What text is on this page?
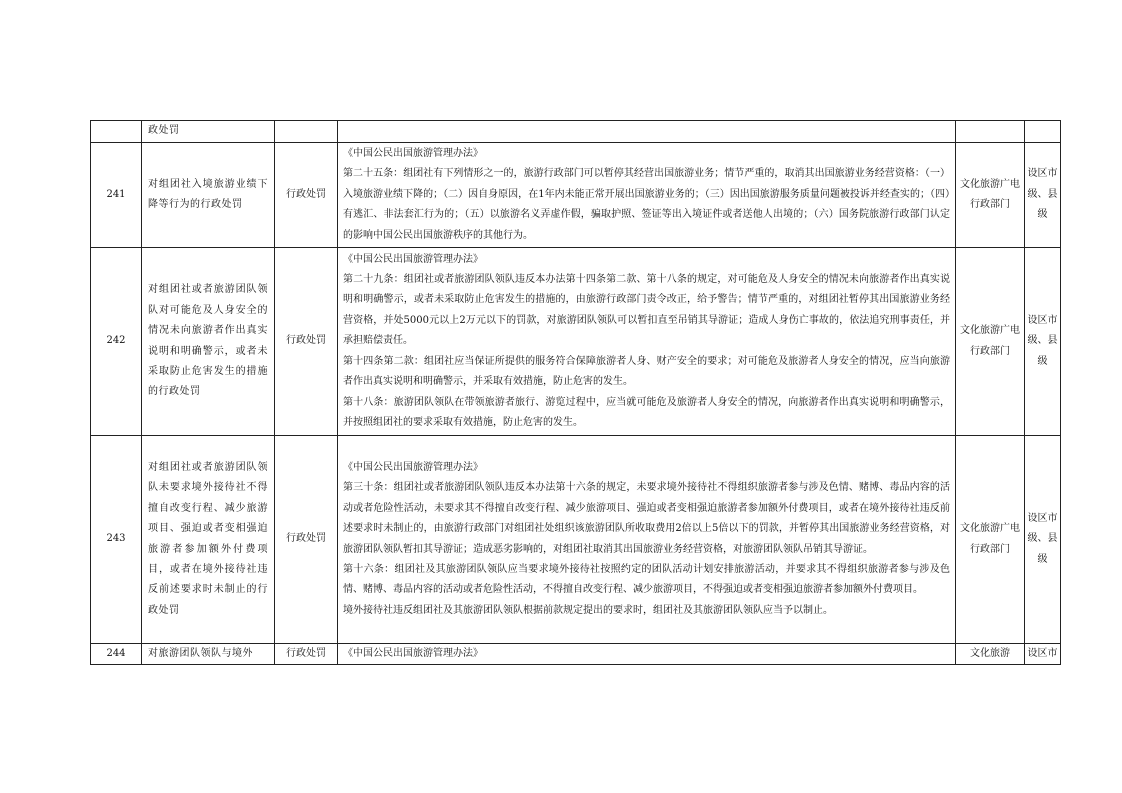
	政处罚				

241	对组团社入境旅游业绩下降等行为的行政处罚	行政处罚	《中国公民出国旅游管理办法》
第二十五条：组团社有下列情形之一的，旅游行政部门可以暂停其经营出国旅游业务；情节严重的，取消其出国旅游业务经营资格：（一）入境旅游业绩下降的；（二）因自身原因，在1年内未能正常开展出国旅游业务的；（三）因出国旅游服务质量问题被投诉并经查实的；（四）有逃汇、非法套汇行为的；（五）以旅游名义弄虚作假，骗取护照、签证等出入境证件或者送他人出境的；（六）国务院旅游行政部门认定的影响中国公民出国旅游秩序的其他行为。	文化旅游广电行政部门	设区市级、县级
242	对组团社或者旅游团队领队对可能危及人身安全的情况未向旅游者作出真实说明和明确警示，或者未采取防止危害发生的措施的行政处罚	行政处罚	《中国公民出国旅游管理办法》
第二十九条：组团社或者旅游团队领队违反本办法第十四条第二款、第十八条的规定，对可能危及人身安全的情况未向旅游者作出真实说明和明确警示，或者未采取防止危害发生的措施的，由旅游行政部门责令改正，给予警告；情节严重的，对组团社暂停其出国旅游业务经营资格，并处5000元以上2万元以下的罚款，对旅游团队领队可以暂扣直至吊销其导游证；造成人身伤亡事故的，依法追究刑事责任，并承担赔偿责任。
第十四条第二款：组团社应当保证所提供的服务符合保障旅游者人身、财产安全的要求；对可能危及旅游者人身安全的情况，应当向旅游者作出真实说明和明确警示，并采取有效措施，防止危害的发生。
第十八条：旅游团队领队在带领旅游者旅行、游览过程中，应当就可能危及旅游者人身安全的情况，向旅游者作出真实说明和明确警示，并按照组团社的要求采取有效措施，防止危害的发生。	文化旅游广电行政部门	设区市级、县级
243	对组团社或者旅游团队领队未要求境外接待社不得擅自改变行程、减少旅游项目、强迫或者变相强迫旅游者参加额外付费项目，或者在境外接待社违反前述要求时未制止的行政处罚	行政处罚	《中国公民出国旅游管理办法》
第三十条：组团社或者旅游团队领队违反本办法第十六条的规定，未要求境外接待社不得组织旅游者参与涉及色情、赌博、毒品内容的活动或者危险性活动，未要求其不得擅自改变行程、减少旅游项目、强迫或者变相强迫旅游者参加额外付费项目，或者在境外接待社违反前述要求时未制止的，由旅游行政部门对组团社处组织该旅游团队所收取费用2倍以上5倍以下的罚款，并暂停其出国旅游业务经营资格，对旅游团队领队暂扣其导游证；造成恶劣影响的，对组团社取消其出国旅游业务经营资格，对旅游团队领队吊销其导游证。
第十六条：组团社及其旅游团队领队应当要求境外接待社按照约定的团队活动计划安排旅游活动，并要求其不得组织旅游者参与涉及色情、赌博、毒品内容的活动或者危险性活动，不得擅自改变行程、减少旅游项目，不得强迫或者变相强迫旅游者参加额外付费项目。
境外接待社违反组团社及其旅游团队领队根据前款规定提出的要求时，组团社及其旅游团队领队应当予以制止。	文化旅游广电行政部门	设区市级、县级
244	对旅游团队领队与境外	行政处罚	《中国公民出国旅游管理办法》	文化旅游	设区市
